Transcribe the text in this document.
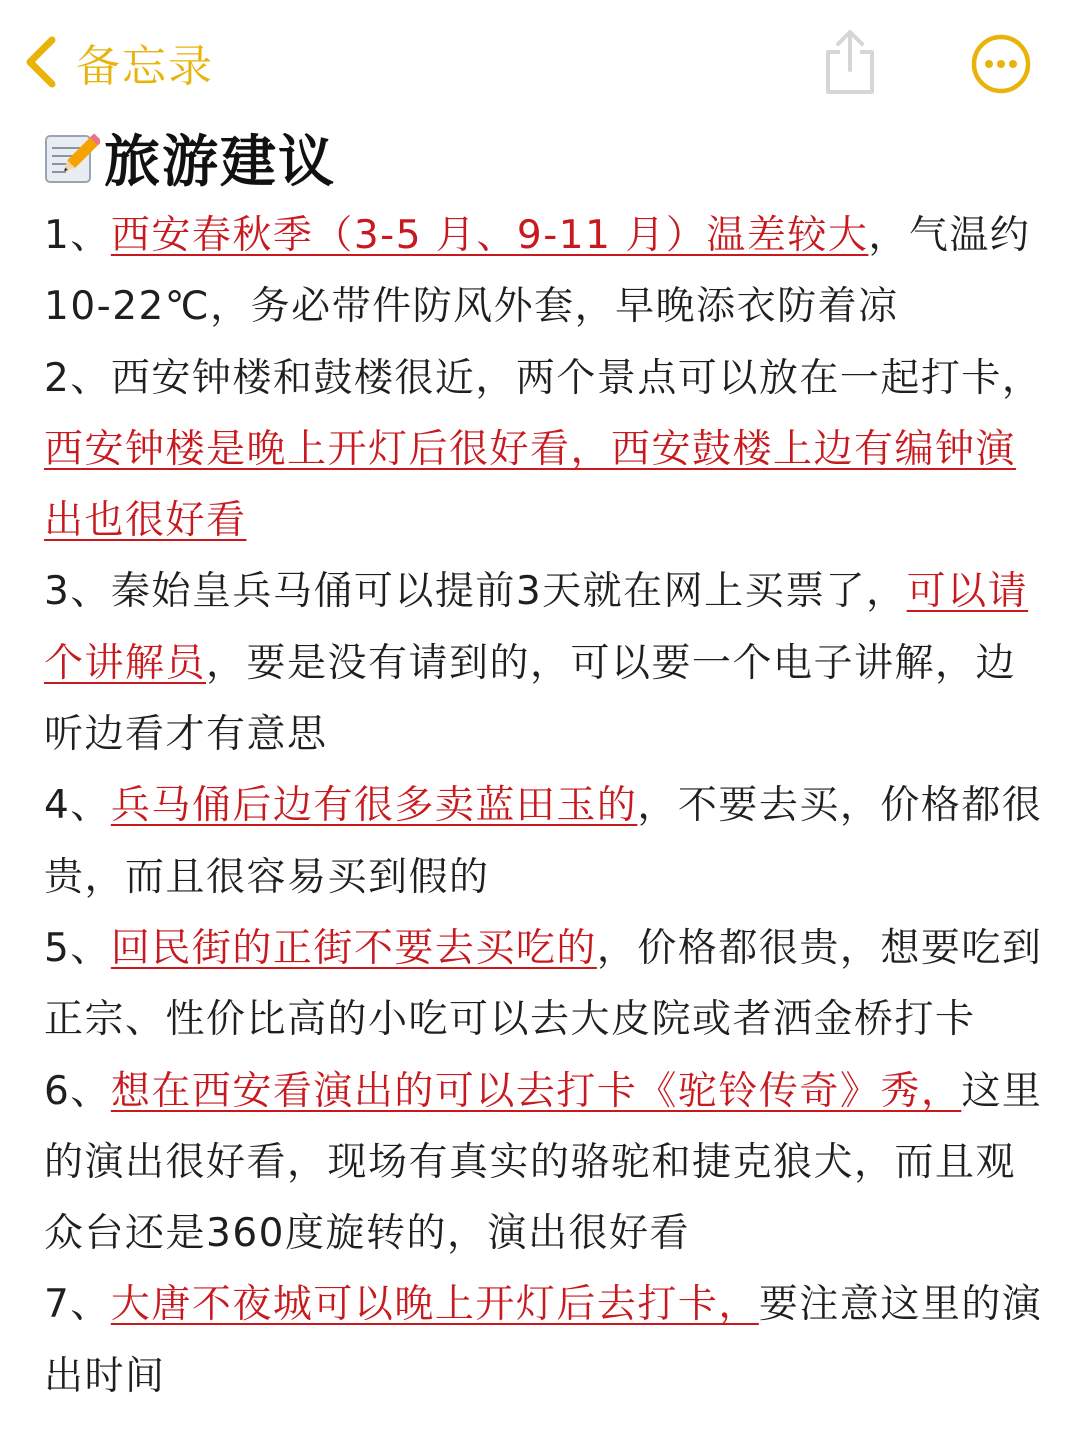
备忘录
旅游建议
1、西安春秋季（3-5 月、9-11 月）温差较大，气温约 10-22℃，务必带件防风外套，早晚添衣防着凉
2、西安钟楼和鼓楼很近，两个景点可以放在一起打卡，西安钟楼是晚上开灯后很好看，西安鼓楼上边有编钟演出也很好看
3、秦始皇兵马俑可以提前3天就在网上买票了，可以请个讲解员，要是没有请到的，可以要一个电子讲解，边听边看才有意思
4、兵马俑后边有很多卖蓝田玉的，不要去买，价格都很贵，而且很容易买到假的
5、回民街的正街不要去买吃的，价格都很贵，想要吃到正宗、性价比高的小吃可以去大皮院或者洒金桥打卡
6、想在西安看演出的可以去打卡《驼铃传奇》秀，这里的演出很好看，现场有真实的骆驼和捷克狼犬，而且观众台还是360度旋转的，演出很好看
7、大唐不夜城可以晚上开灯后去打卡，要注意这里的演出时间
